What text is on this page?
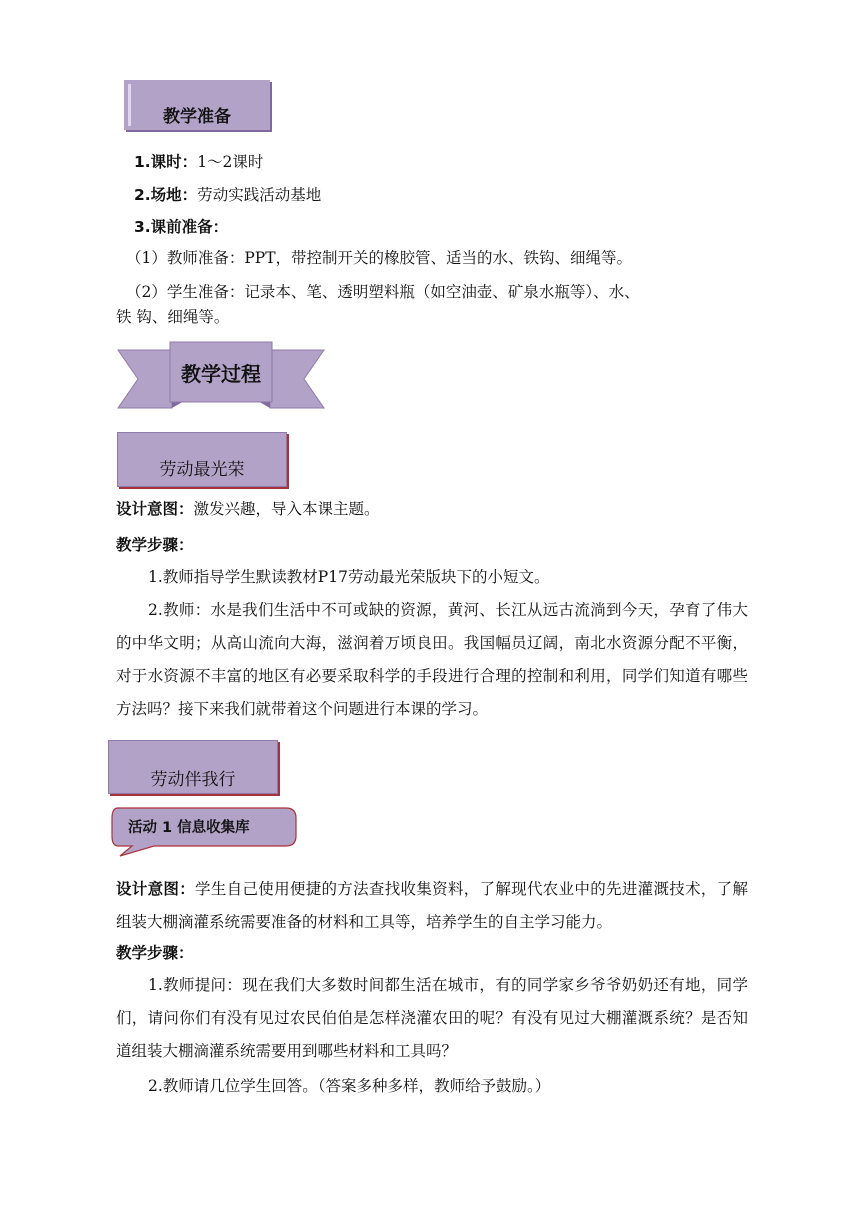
教学准备
1.课时：1～2课时
2.场地：劳动实践活动基地
3.课前准备：
（1）教师准备：PPT，带控制开关的橡胶管、适当的水、铁钩、细绳等。
（2）学生准备：记录本、笔、透明塑料瓶（如空油壶、矿泉水瓶等）、水、
铁 钩、细绳等。
教学过程
劳动最光荣
设计意图：激发兴趣，导入本课主题。
教学步骤：
1.教师指导学生默读教材P17劳动最光荣版块下的小短文。
2.教师：水是我们生活中不可或缺的资源，黄河、长江从远古流淌到今天，孕育了伟大的中华文明；从高山流向大海，滋润着万顷良田。我国幅员辽阔，南北水资源分配不平衡，对于水资源不丰富的地区有必要采取科学的手段进行合理的控制和利用，同学们知道有哪些方法吗？接下来我们就带着这个问题进行本课的学习。
劳动伴我行
活动 1 信息收集库
设计意图：学生自己使用便捷的方法查找收集资料，了解现代农业中的先进灌溉技术，了解组装大棚滴灌系统需要准备的材料和工具等，培养学生的自主学习能力。
教学步骤：
1.教师提问：现在我们大多数时间都生活在城市，有的同学家乡爷爷奶奶还有地，同学们，请问你们有没有见过农民伯伯是怎样浇灌农田的呢？有没有见过大棚灌溉系统？是否知道组装大棚滴灌系统需要用到哪些材料和工具吗？
2.教师请几位学生回答。（答案多种多样，教师给予鼓励。）
